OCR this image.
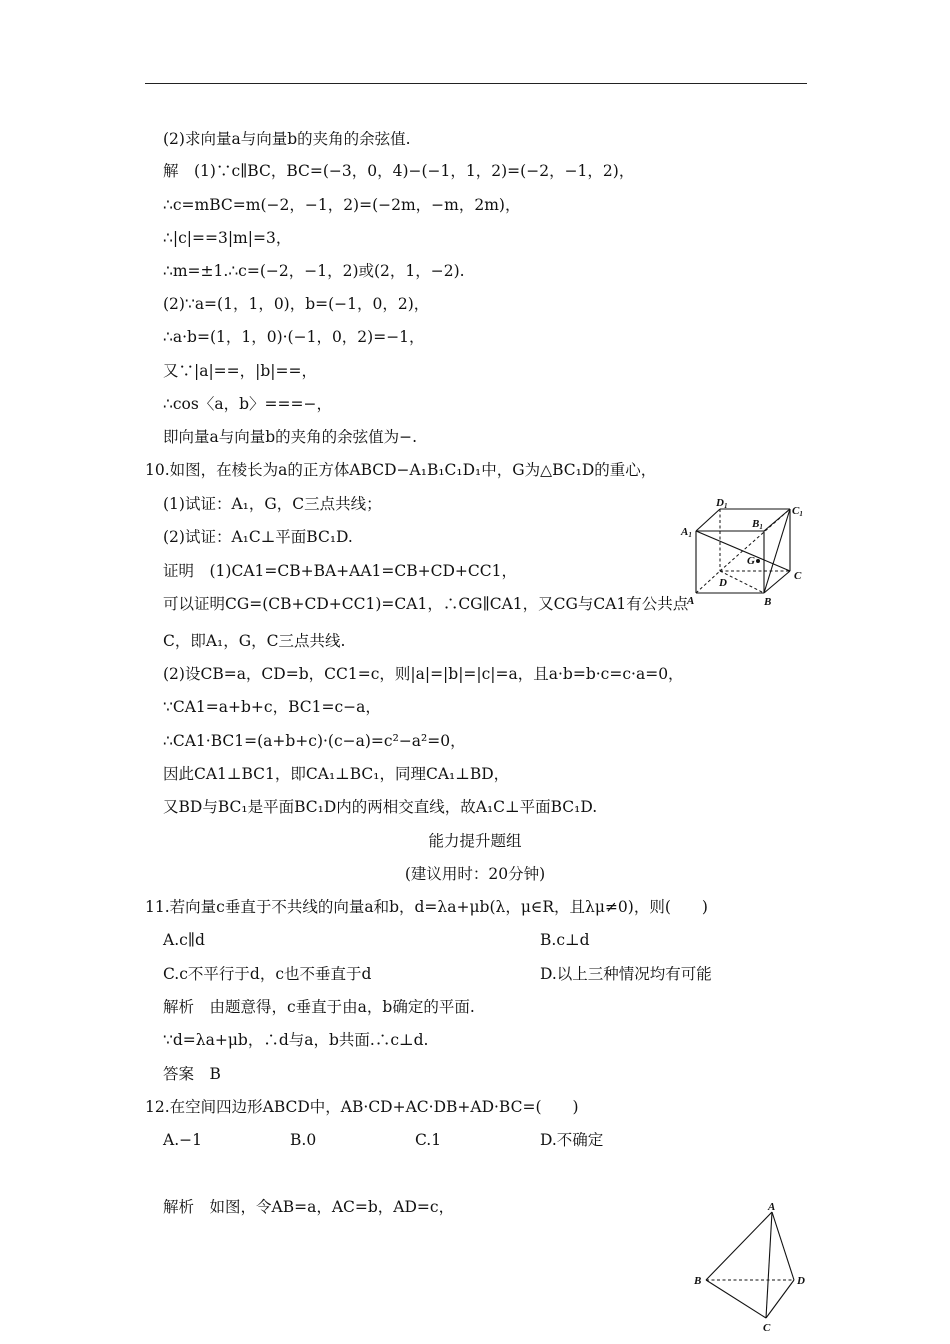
(2)求向量a与向量b的夹角的余弦值.
解　(1)∵c∥BC，BC=(−3，0，4)−(−1，1，2)=(−2，−1，2)，
∴c=mBC=m(−2，−1，2)=(−2m，−m，2m)，
∴|c|==3|m|=3，
∴m=±1.∴c=(−2，−1，2)或(2，1，−2).
(2)∵a=(1，1，0)，b=(−1，0，2)，
∴a·b=(1，1，0)·(−1，0，2)=−1，
又∵|a|==，|b|==，
∴cos〈a，b〉===−，
即向量a与向量b的夹角的余弦值为−.
10.如图，在棱长为a的正方体ABCD−A₁B₁C₁D₁中，G为△BC₁D的重心，
(1)试证：A₁，G，C三点共线；
(2)试证：A₁C⊥平面BC₁D.
证明　(1)CA1=CB+BA+AA1=CB+CD+CC1，
可以证明CG=(CB+CD+CC1)=CA1，∴CG∥CA1，又CG与CA1有公共点
C，即A₁，G，C三点共线.
(2)设CB=a，CD=b，CC1=c，则|a|=|b|=|c|=a，且a·b=b·c=c·a=0，
∵CA1=a+b+c，BC1=c−a，
∴CA1·BC1=(a+b+c)·(c−a)=c²−a²=0，
因此CA1⊥BC1，即CA₁⊥BC₁，同理CA₁⊥BD，
又BD与BC₁是平面BC₁D内的两相交直线，故A₁C⊥平面BC₁D.
D1
B1
C1
A1
G
D
C
A	B
能力提升题组
(建议用时：20分钟)
11.若向量c垂直于不共线的向量a和b，d=λa+μb(λ，μ∈R，且λμ≠0)，则(　　)
A.c∥d	B.c⊥d
C.c不平行于d，c也不垂直于d	D.以上三种情况均有可能
解析　由题意得，c垂直于由a，b确定的平面.
∵d=λa+μb，∴d与a，b共面.∴c⊥d.
答案　B
12.在空间四边形ABCD中，AB·CD+AC·DB+AD·BC=(　　)
A.−1	B.0	C.1	D.不确定
解析　如图，令AB=a，AC=b，AD=c，	A
B
C
D
